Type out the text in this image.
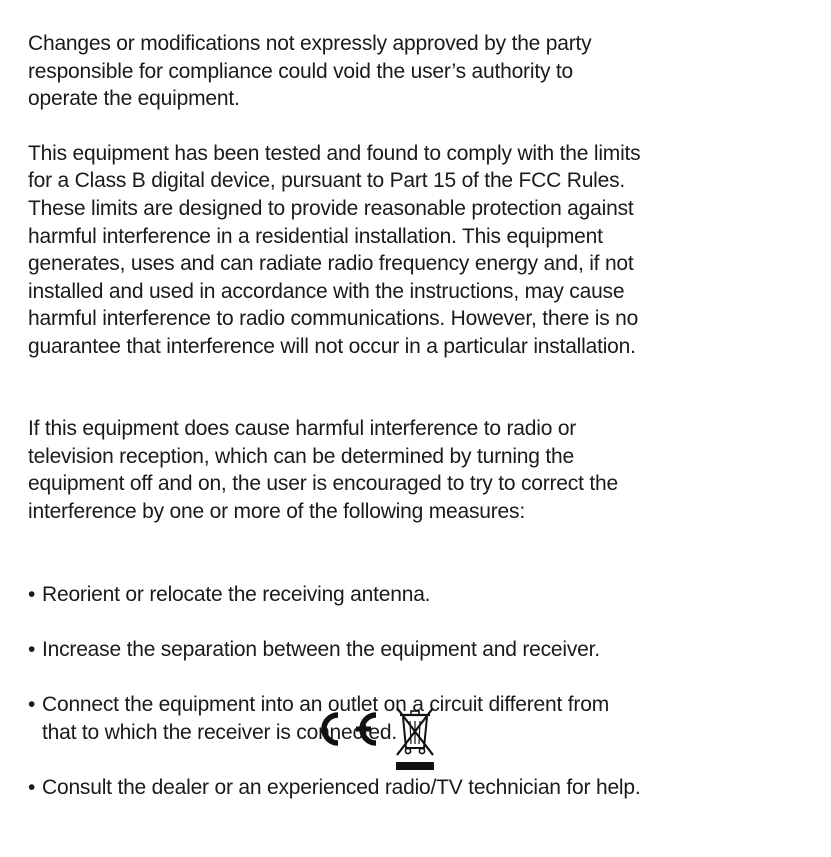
Changes or modifications not expressly approved by the party
responsible for compliance could void the user’s authority to
operate the equipment.

This equipment has been tested and found to comply with the limits
for a Class B digital device, pursuant to Part 15 of the FCC Rules.
These limits are designed to provide reasonable protection against
harmful interference in a residential installation. This equipment
generates, uses and can radiate radio frequency energy and, if not
installed and used in accordance with the instructions, may cause
harmful interference to radio communications. However, there is no
guarantee that interference will not occur in a particular installation.

If this equipment does cause harmful interference to radio or
television reception, which can be determined by turning the
equipment off and on, the user is encouraged to try to correct the
interference by one or more of the following measures:

• Reorient or relocate the receiving antenna.

• Increase the separation between the equipment and receiver.

• Connect the equipment into an outlet on a circuit different from
that to which the receiver is connected.

• Consult the dealer or an experienced radio/TV technician for help.
